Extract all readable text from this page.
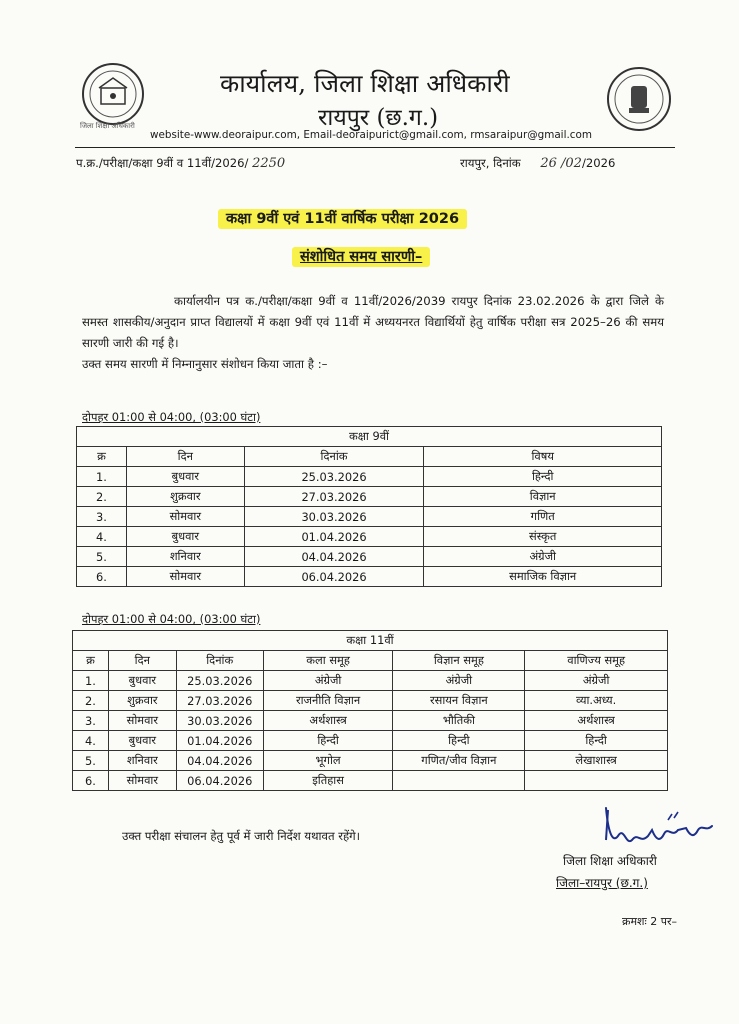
जिला शिक्षा अधिकारी
कार्यालय, जिला शिक्षा अधिकारी
रायपुर (छ.ग.)
website-www.deoraipur.com, Email-deoraipurict@gmail.com, rmsaraipur@gmail.com
प.क्र./परीक्षा/कक्षा 9वीं व 11वीं/2026/ 2250	रायपुर, दिनांक 26 /02/2026
कक्षा 9वीं एवं 11वीं वार्षिक परीक्षा 2026
संशोधित समय सारणी–

कार्यालयीन पत्र क./परीक्षा/कक्षा 9वीं व 11वीं/2026/2039 रायपुर दिनांक 23.02.2026 के द्वारा जिले के समस्त शासकीय/अनुदान प्राप्त विद्यालयों में कक्षा 9वीं एवं 11वीं में अध्ययनरत विद्यार्थियों हेतु वार्षिक परीक्षा सत्र 2025–26 की समय सारणी जारी की गई है।

उक्त समय सारणी में निम्नानुसार संशोधन किया जाता है :–

दोपहर 01:00 से 04:00, (03:00 घंटा)
कक्षा 9वीं			
क्र	दिन	दिनांक	विषय
1.	बुधवार	25.03.2026	हिन्दी
2.	शुक्रवार	27.03.2026	विज्ञान
3.	सोमवार	30.03.2026	गणित
4.	बुधवार	01.04.2026	संस्कृत
5.	शनिवार	04.04.2026	अंग्रेजी
6.	सोमवार	06.04.2026	समाजिक विज्ञान
दोपहर 01:00 से 04:00, (03:00 घंटा)
कक्षा 11वीं					
क्र	दिन	दिनांक	कला समूह	विज्ञान समूह	वाणिज्य समूह
1.	बुधवार	25.03.2026	अंग्रेजी	अंग्रेजी	अंग्रेजी
2.	शुक्रवार	27.03.2026	राजनीति विज्ञान	रसायन विज्ञान	व्या.अध्य.
3.	सोमवार	30.03.2026	अर्थशास्त्र	भौतिकी	अर्थशास्त्र
4.	बुधवार	01.04.2026	हिन्दी	हिन्दी	हिन्दी
5.	शनिवार	04.04.2026	भूगोल	गणित/जीव विज्ञान	लेखाशास्त्र
6.	सोमवार	06.04.2026	इतिहास		
उक्त परीक्षा संचालन हेतु पूर्व में जारी निर्देश यथावत रहेंगे।
जिला शिक्षा अधिकारी
जिला–रायपुर (छ.ग.)
क्रमशः 2 पर–
